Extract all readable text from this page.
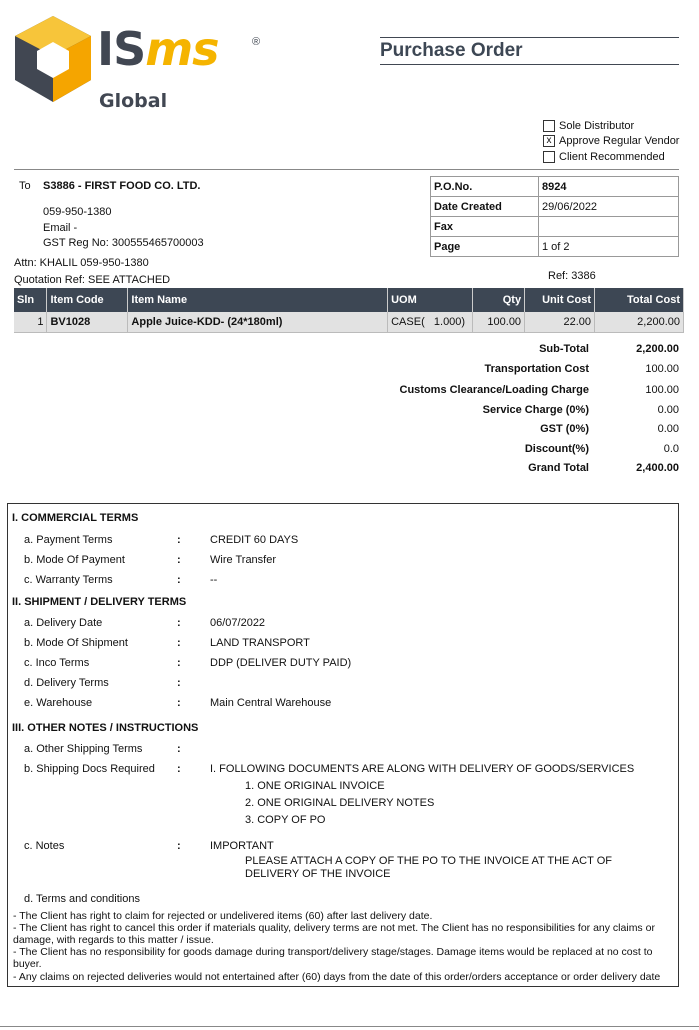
ISms	®
Global
Purchase Order
Sole Distributor
x Approve Regular Vendor
Client Recommended
To S3886 - FIRST FOOD CO. LTD.
059-950-1380
Email -
GST Reg No: 300555465700003
Attn: KHALIL 059-950-1380
Quotation Ref: SEE ATTACHED	Ref: 3386
P.O.No.	8924
Date Created	29/06/2022
Fax	
Page	1 of 2
Sln	Item Code	Item Name	UOM	Qty	Unit Cost	Total Cost
1	BV1028	Apple Juice-KDD- (24*180ml)	CASE(   1.000)	100.00	22.00	2,200.00
Sub-Total	2,200.00
Transportation Cost	100.00
Customs Clearance/Loading Charge	100.00
Service Charge (0%)	0.00
GST (0%)	0.00
Discount(%)	0.0
Grand Total	2,400.00
I. COMMERCIAL TERMS
a. Payment Terms	:	CREDIT 60 DAYS
b. Mode Of Payment	:	Wire Transfer
c. Warranty Terms	:	--
II. SHIPMENT / DELIVERY TERMS
a. Delivery Date	:	06/07/2022
b. Mode Of Shipment	:	LAND TRANSPORT
c. Inco Terms	:	DDP (DELIVER DUTY PAID)
d. Delivery Terms	:
e. Warehouse	:	Main Central Warehouse
III. OTHER NOTES / INSTRUCTIONS
a. Other Shipping Terms	:
b. Shipping Docs Required :	I. FOLLOWING DOCUMENTS ARE ALONG WITH DELIVERY OF GOODS/SERVICES
1. ONE ORIGINAL INVOICE
2. ONE ORIGINAL DELIVERY NOTES
3. COPY OF PO
c. Notes	:	IMPORTANT
PLEASE ATTACH A COPY OF THE PO TO THE INVOICE AT THE ACT OF
DELIVERY OF THE INVOICE
d. Terms and conditions
- The Client has right to claim for rejected or undelivered items (60) after last delivery date.
- The Client has right to cancel this order if materials quality, delivery terms are not met. The Client has no responsibilities for any claims or damage, with regards to this matter / issue.
- The Client has no responsibility for goods damage during transport/delivery stage/stages. Damage items would be replaced at no cost to buyer.
- Any claims on rejected deliveries would not entertained after (60) days from the date of this order/orders acceptance or order delivery date
